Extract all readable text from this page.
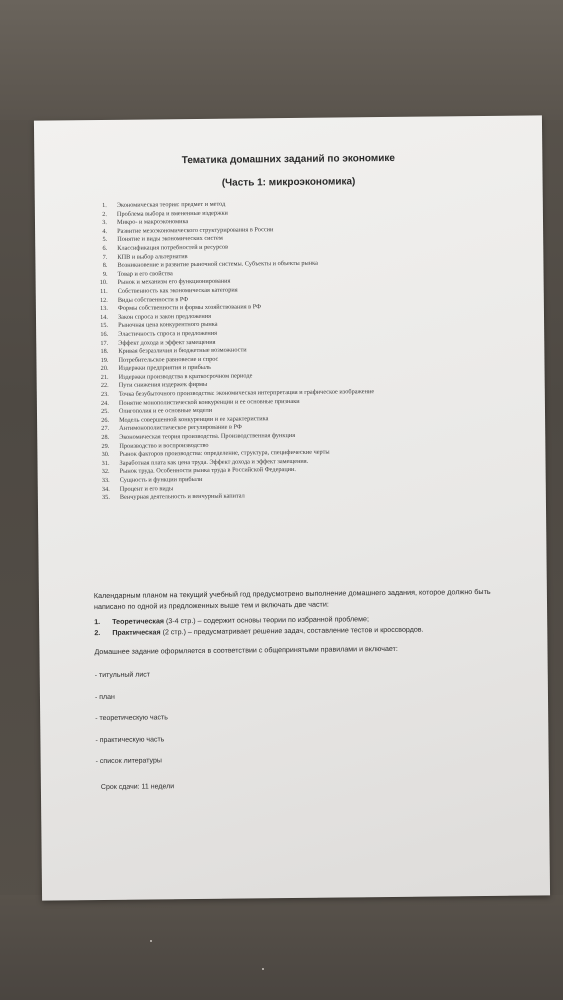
Тематика домашних заданий по экономике
(Часть 1: микроэкономика)
1. Экономическая теория: предмет и метод
2. Проблема выбора и вмененные издержки
3. Микро- и макроэкономика
4. Развитие мезоэкономического структурирования в России
5. Понятие и виды экономических систем
6. Классификация потребностей и ресурсов
7. КПВ и выбор альтернатив
8. Возникновение и развитие рыночной системы. Субъекты и объекты рынка
9. Товар и его свойства
10. Рынок и механизм его функционирования
11. Собственность как экономическая категория
12. Виды собственности в РФ
13. Формы собственности и формы хозяйствования в РФ
14. Закон спроса и закон предложения
15. Рыночная цена конкурентного рынка
16. Эластичность спроса и предложения
17. Эффект дохода и эффект замещения
18. Кривая безразличия и бюджетные возможности
19. Потребительское равновесие и спрос
20. Издержки предприятия и прибыль
21. Издержки производства в краткосрочном периоде
22. Пути снижения издержек фирмы
23. Точка безубыточного производства: экономическая интерпретация и графическое изображение
24. Понятие монополистической конкуренции и ее основные признаки
25. Олигополия и ее основные модели
26. Модель совершенной конкуренции и ее характеристика
27. Антимонополистическое регулирование в РФ
28. Экономическая теория производства. Производственная функция
29. Производство и воспроизводство
30. Рынок факторов производства: определение, структура, специфические черты
31. Заработная плата как цена труда. Эффект дохода и эффект замещения.
32. Рынок труда. Особенности рынка труда в Российской Федерации.
33. Сущность и функции прибыли
34. Процент и его виды
35. Венчурная деятельность и венчурный капитал
Календарным планом на текущий учебный год предусмотрено выполнение домашнего задания, которое должно быть написано по одной из предложенных выше тем и включать две части:
1. Теоретическая (3-4 стр.) – содержит основы теории по избранной проблеме;
2. Практическая (2 стр.) – предусматривает решение задач, составление тестов и кроссвордов.
Домашнее задание оформляется в соответствии с общепринятыми правилами и включает:
- титульный лист
- план
- теоретическую часть
- практическую часть
- список литературы
Срок сдачи: 11 недели
